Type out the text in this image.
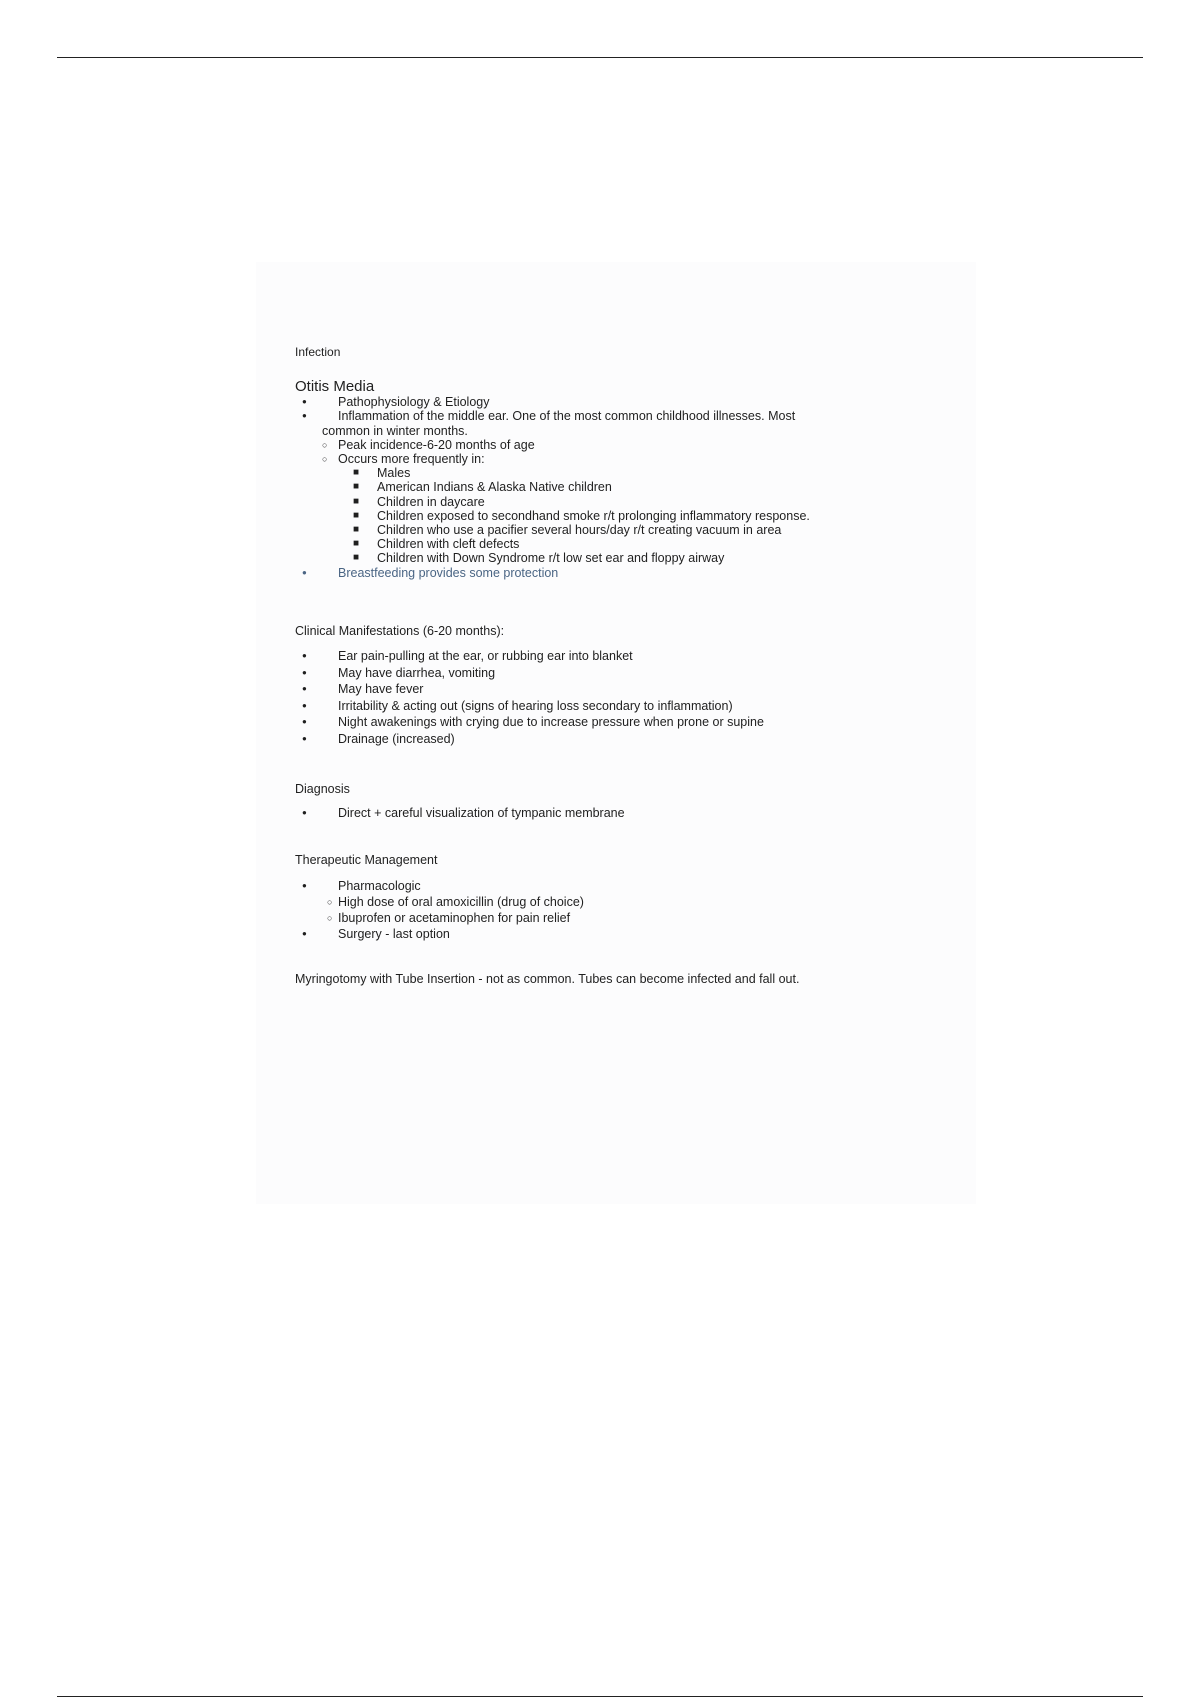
Infection

Otitis Media
● Pathophysiology & Etiology
● Inflammation of the middle ear. One of the most common childhood illnesses. Most
common in winter months.
○ Peak incidence-6-20 months of age
○ Occurs more frequently in:
■ Males
■ American Indians & Alaska Native children
■ Children in daycare
■ Children exposed to secondhand smoke r/t prolonging inflammatory response.
■ Children who use a pacifier several hours/day r/t creating vacuum in area
■ Children with cleft defects
■ Children with Down Syndrome r/t low set ear and floppy airway
● Breastfeeding provides some protection

Clinical Manifestations (6-20 months):

● Ear pain-pulling at the ear, or rubbing ear into blanket
● May have diarrhea, vomiting
● May have fever
● Irritability & acting out (signs of hearing loss secondary to inflammation)
● Night awakenings with crying due to increase pressure when prone or supine
● Drainage (increased)

Diagnosis

● Direct + careful visualization of tympanic membrane

Therapeutic Management

● Pharmacologic
○ High dose of oral amoxicillin (drug of choice)
○ Ibuprofen or acetaminophen for pain relief
● Surgery - last option

Myringotomy with Tube Insertion - not as common. Tubes can become infected and fall out.
